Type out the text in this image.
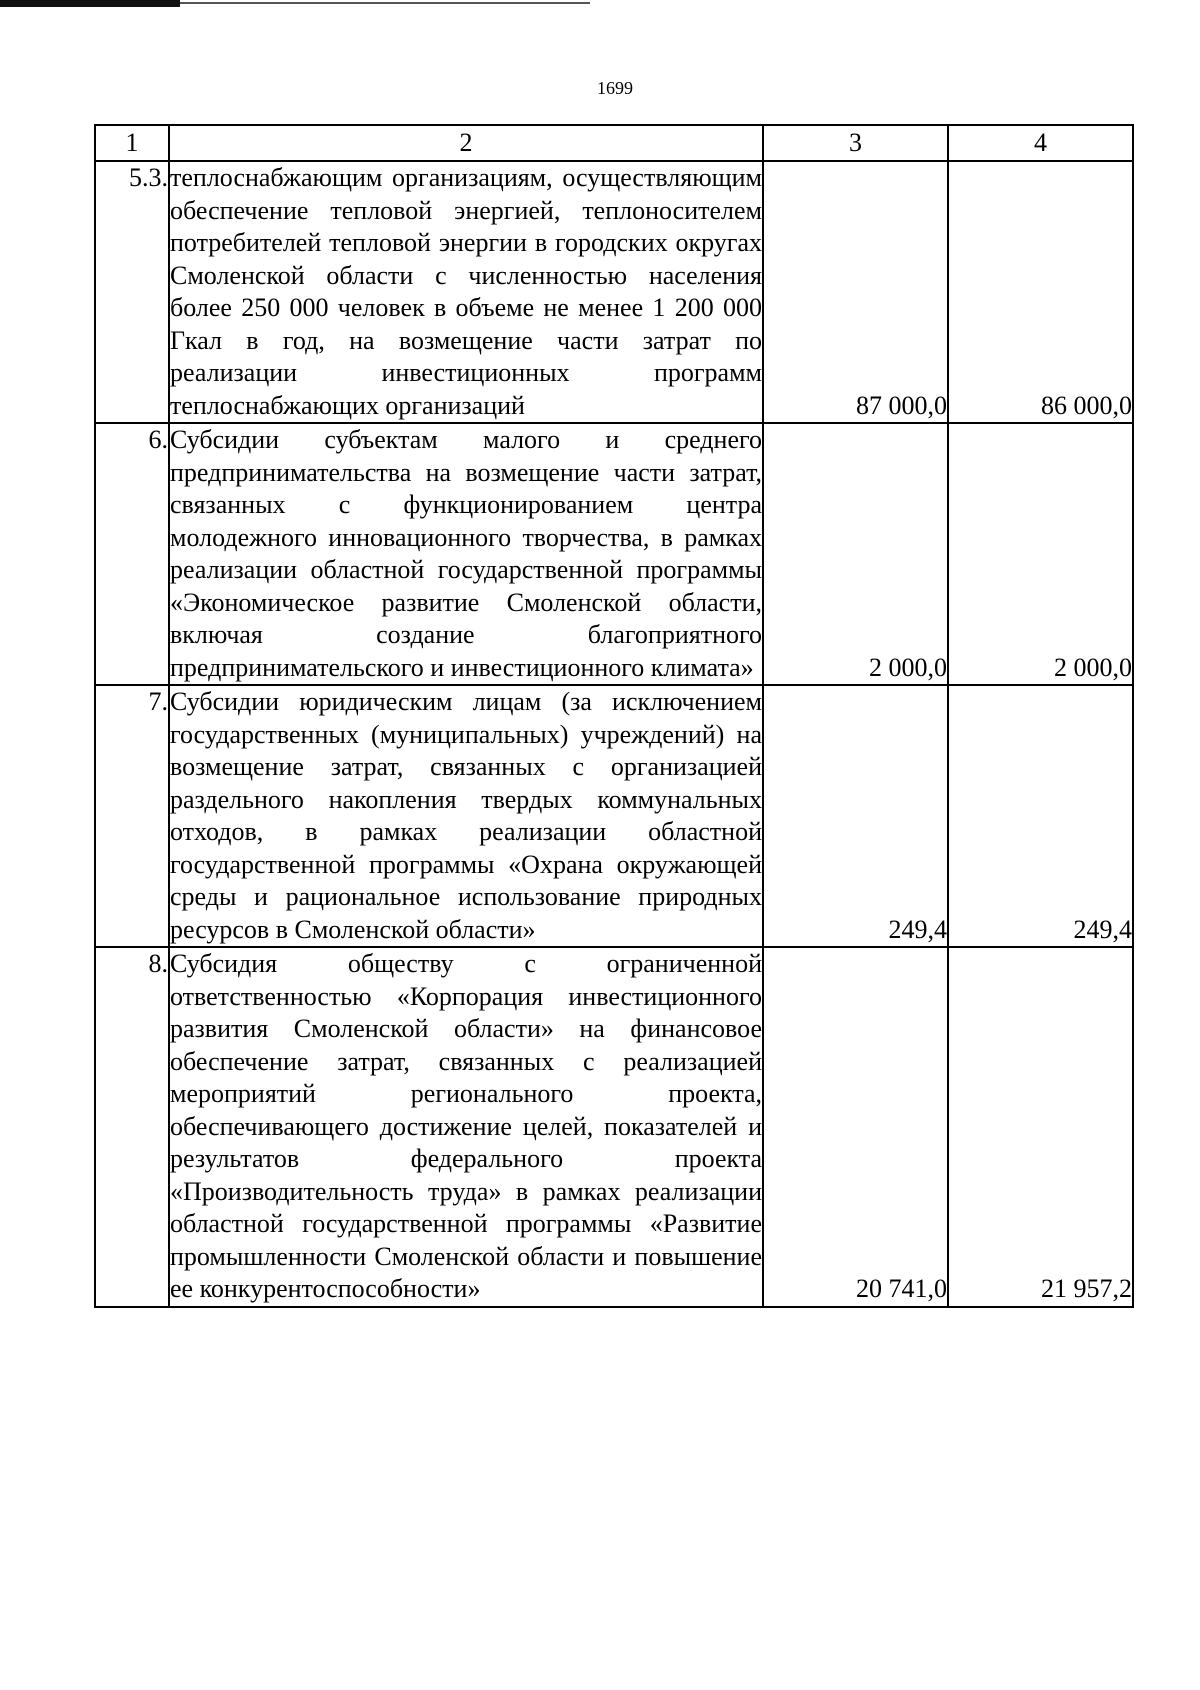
1699
1	2	3	4
5.3.	теплоснабжающим организациям, осуществляющим обеспечение тепловой энергией, теплоносителем потребителей тепловой энергии в городских округах Смоленской области с численностью населения более 250 000 человек в объеме не менее 1 200 000 Гкал в год, на возмещение части затрат по реализации инвестиционных программ теплоснабжающих организаций	87 000,0	86 000,0
6.	Субсидии субъектам малого и среднего предпринимательства на возмещение части затрат, связанных с функционированием центра молодежного инновационного творчества, в рамках реализации областной государственной программы «Экономическое развитие Смоленской области, включая создание благоприятного предпринимательского и инвестиционного климата»	2 000,0	2 000,0
7.	Субсидии юридическим лицам (за исключением государственных (муниципальных) учреждений) на возмещение затрат, связанных с организацией раздельного накопления твердых коммунальных отходов, в рамках реализации областной государственной программы «Охрана окружающей среды и рациональное использование природных ресурсов в Смоленской области»	249,4	249,4
8.	Субсидия обществу с ограниченной ответственностью «Корпорация инвестиционного развития Смоленской области» на финансовое обеспечение затрат, связанных с реализацией мероприятий регионального проекта, обеспечивающего достижение целей, показателей и результатов федерального проекта «Производительность труда» в рамках реализации областной государственной программы «Развитие промышленности Смоленской области и повышение ее конкурентоспособности»	20 741,0	21 957,2
